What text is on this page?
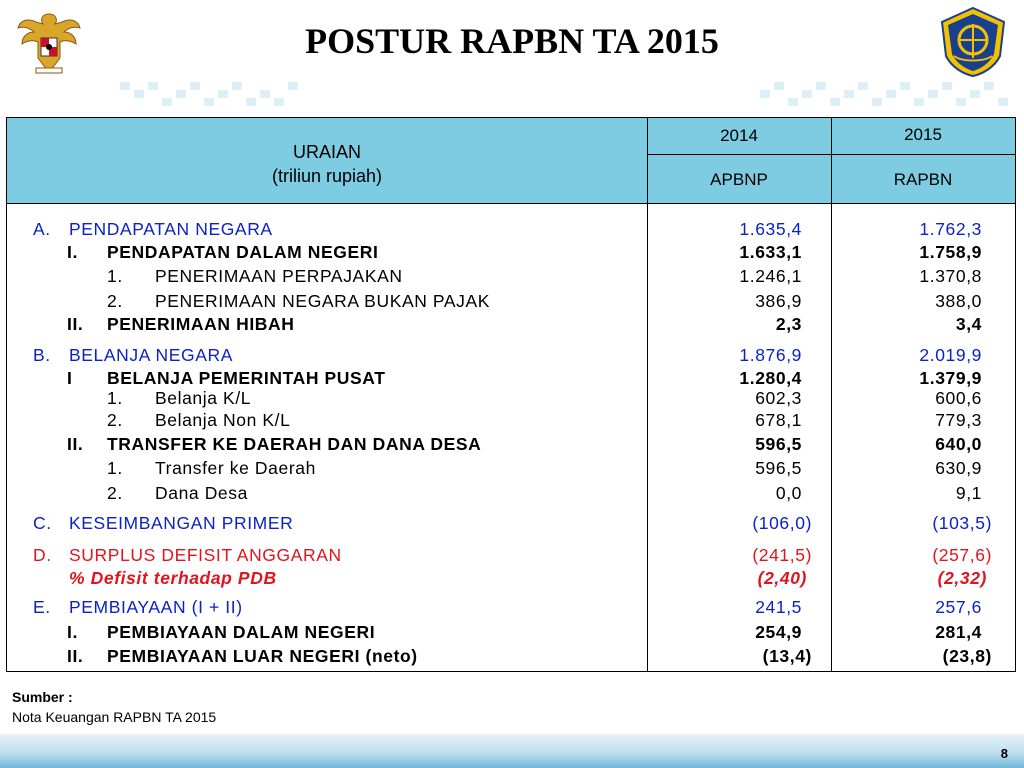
POSTUR RAPBN TA 2015
URAIAN
(triliun rupiah)
2014	2015
APBNP	RAPBN
A. PENDAPATAN NEGARA	1.635,4	1.762,3
I. PENDAPATAN DALAM NEGERI	1.633,1	1.758,9
1. PENERIMAAN PERPAJAKAN	1.246,1	1.370,8
2. PENERIMAAN NEGARA BUKAN PAJAK	386,9	388,0
II. PENERIMAAN HIBAH	2,3	3,4
B. BELANJA NEGARA	1.876,9	2.019,9
I BELANJA PEMERINTAH PUSAT	1.280,4	1.379,9
1. Belanja K/L	602,3	600,6
2. Belanja Non K/L	678,1	779,3
II. TRANSFER KE DAERAH DAN DANA DESA	596,5	640,0
1. Transfer ke Daerah	596,5	630,9
2. Dana Desa	0,0	9,1
C. KESEIMBANGAN PRIMER	(106,0)	(103,5)
D. SURPLUS DEFISIT ANGGARAN	(241,5)	(257,6)
% Defisit terhadap PDB	(2,40)	(2,32)
E. PEMBIAYAAN (I + II)	241,5	257,6
I. PEMBIAYAAN DALAM NEGERI	254,9	281,4
II. PEMBIAYAAN LUAR NEGERI (neto)	(13,4)	(23,8)
Sumber :
Nota Keuangan RAPBN TA 2015
8
